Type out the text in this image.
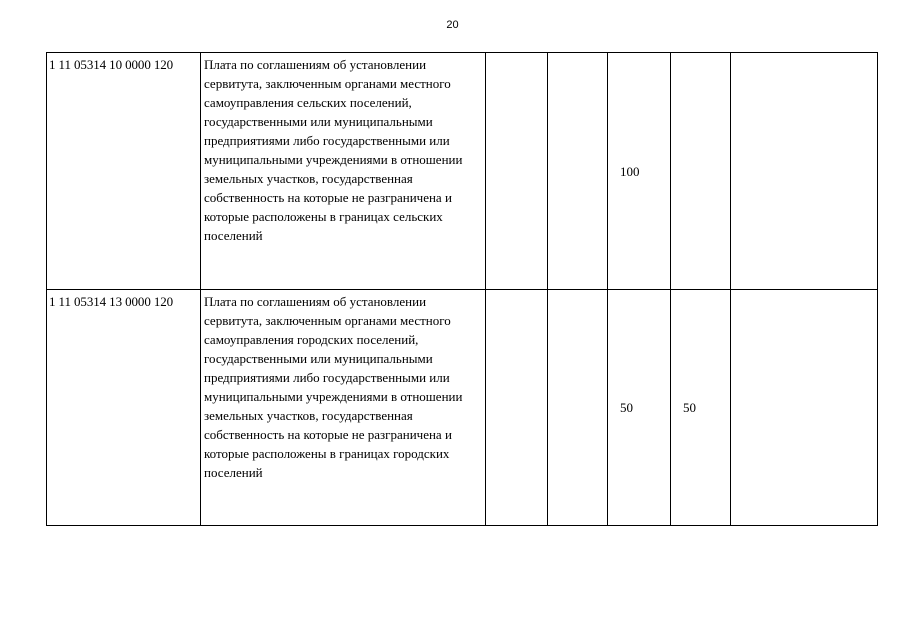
20
1 11 05314 10 0000 120	Плата по соглашениям об установлении сервитута, заключенным органами местного самоуправления сельских поселений, государственными или муниципальными предприятиями либо государственными или муниципальными учреждениями в отношении земельных участков, государственная собственность на которые не разграничена и которые расположены в границах сельских поселений			100		
1 11 05314 13 0000 120	Плата по соглашениям об установлении сервитута, заключенным органами местного самоуправления городских поселений, государственными или муниципальными предприятиями либо государственными или муниципальными учреждениями в отношении земельных участков, государственная собственность на которые не разграничена и которые расположены в границах городских поселений			50	50	
